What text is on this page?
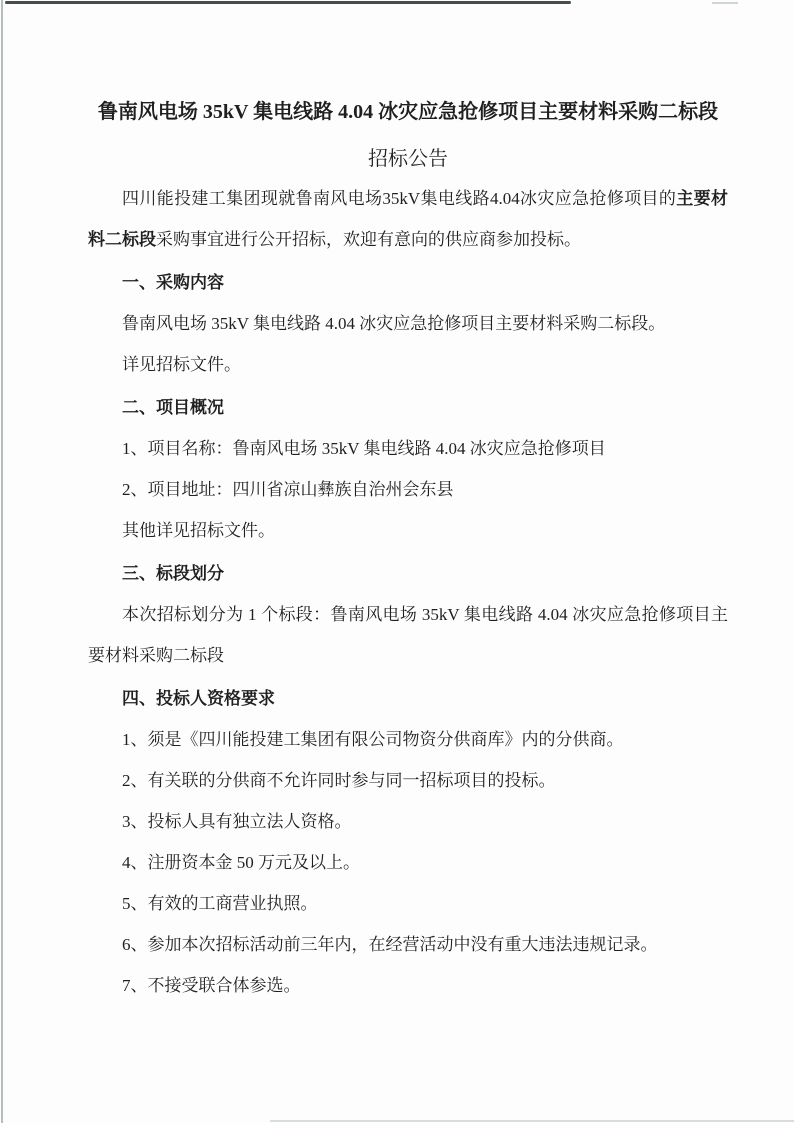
鲁南风电场 35kV 集电线路 4.04 冰灾应急抢修项目主要材料采购二标段
招标公告

四川能投建工集团现就鲁南风电场35kV集电线路4.04冰灾应急抢修项目的主要材料二标段采购事宜进行公开招标，欢迎有意向的供应商参加投标。

一、采购内容

鲁南风电场 35kV 集电线路 4.04 冰灾应急抢修项目主要材料采购二标段。

详见招标文件。

二、项目概况

1、项目名称：鲁南风电场 35kV 集电线路 4.04 冰灾应急抢修项目

2、项目地址：四川省凉山彝族自治州会东县

其他详见招标文件。

三、标段划分

本次招标划分为 1 个标段：鲁南风电场 35kV 集电线路 4.04 冰灾应急抢修项目主要材料采购二标段

四、投标人资格要求

1、须是《四川能投建工集团有限公司物资分供商库》内的分供商。

2、有关联的分供商不允许同时参与同一招标项目的投标。

3、投标人具有独立法人资格。

4、注册资本金 50 万元及以上。

5、有效的工商营业执照。

6、参加本次招标活动前三年内，在经营活动中没有重大违法违规记录。

7、不接受联合体参选。
